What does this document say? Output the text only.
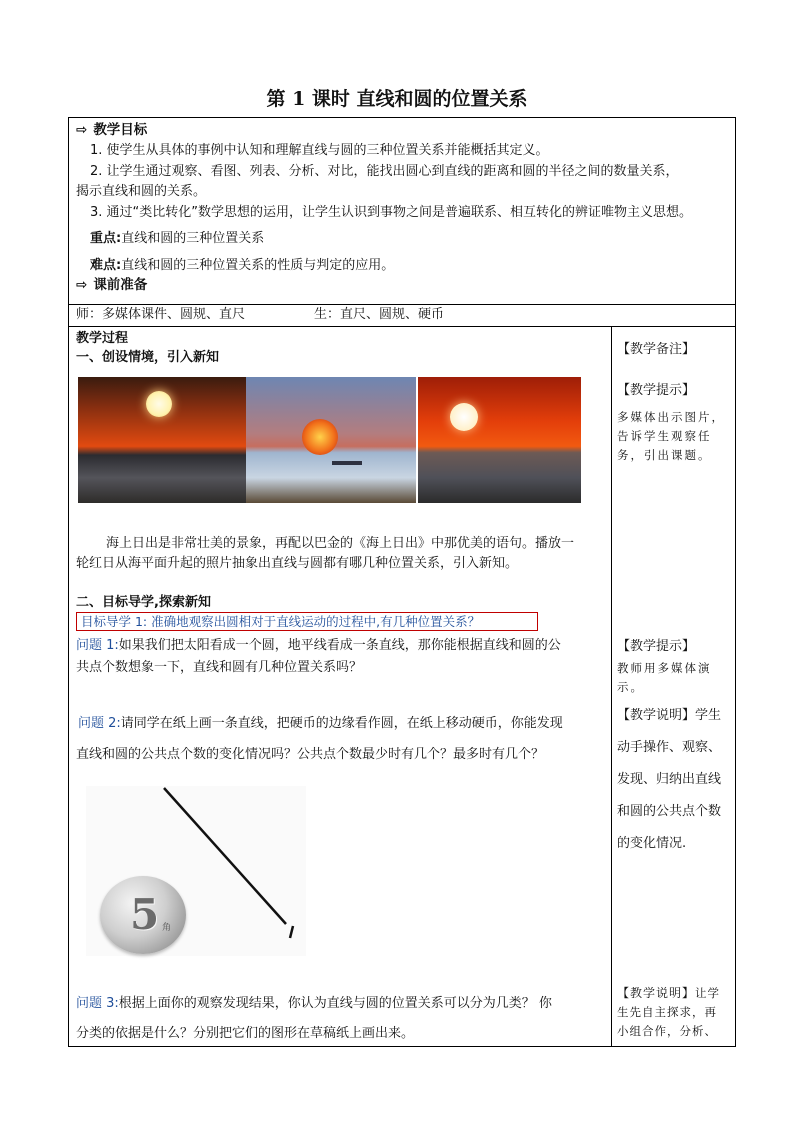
第 1 课时 直线和圆的位置关系
⇨ 教学目标
1. 使学生从具体的事例中认知和理解直线与圆的三种位置关系并能概括其定义。
2. 让学生通过观察、看图、列表、分析、对比，能找出圆心到直线的距离和圆的半径之间的数量关系，
揭示直线和圆的关系。
3. 通过“类比转化”数学思想的运用，让学生认识到事物之间是普遍联系、相互转化的辨证唯物主义思想。
重点:直线和圆的三种位置关系
难点:直线和圆的三种位置关系的性质与判定的应用。
⇨ 课前准备
师：多媒体课件、圆规、直尺	生：直尺、圆规、硬币
教学过程
一、创设情境，引入新知
海上日出是非常壮美的景象，再配以巴金的《海上日出》中那优美的语句。播放一
轮红日从海平面升起的照片抽象出直线与圆都有哪几种位置关系，引入新知。
二、目标导学,探索新知
目标导学 1: 准确地观察出圆相对于直线运动的过程中,有几种位置关系？
问题 1:如果我们把太阳看成一个圆，地平线看成一条直线，那你能根据直线和圆的公
共点个数想象一下，直线和圆有几种位置关系吗？
问题 2:请同学在纸上画一条直线，把硬币的边缘看作圆，在纸上移动硬币，你能发现
直线和圆的公共点个数的变化情况吗？公共点个数最少时有几个？最多时有几个？
5 角
问题 3:根据上面你的观察发现结果，你认为直线与圆的位置关系可以分为几类？ 你
分类的依据是什么？分别把它们的图形在草稿纸上画出来。
【教学备注】
【教学提示】
多媒体出示图片，告诉学生观察任务，引出课题。
【教学提示】
教师用多媒体演示。
【教学说明】学生动手操作、观察、发现、归纳出直线和圆的公共点个数的变化情况.
【教学说明】让学生先自主探求，再小组合作，分析、
